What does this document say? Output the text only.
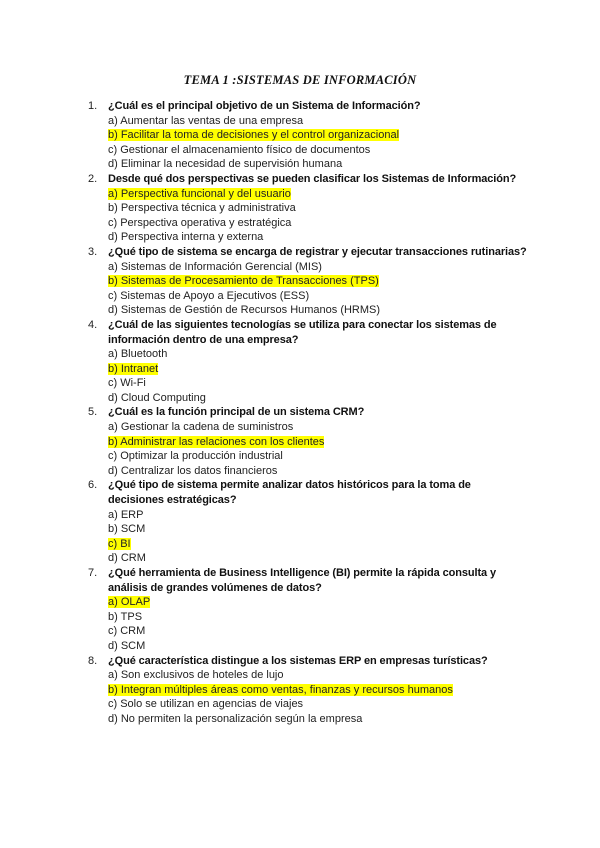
TEMA 1 :SISTEMAS DE INFORMACIÓN
1. ¿Cuál es el principal objetivo de un Sistema de Información?
a) Aumentar las ventas de una empresa
b) Facilitar la toma de decisiones y el control organizacional
c) Gestionar el almacenamiento físico de documentos
d) Eliminar la necesidad de supervisión humana
2. Desde qué dos perspectivas se pueden clasificar los Sistemas de Información?
a) Perspectiva funcional y del usuario
b) Perspectiva técnica y administrativa
c) Perspectiva operativa y estratégica
d) Perspectiva interna y externa
3. ¿Qué tipo de sistema se encarga de registrar y ejecutar transacciones rutinarias?
a) Sistemas de Información Gerencial (MIS)
b) Sistemas de Procesamiento de Transacciones (TPS)
c) Sistemas de Apoyo a Ejecutivos (ESS)
d) Sistemas de Gestión de Recursos Humanos (HRMS)
4. ¿Cuál de las siguientes tecnologías se utiliza para conectar los sistemas de información dentro de una empresa?
a) Bluetooth
b) Intranet
c) Wi-Fi
d) Cloud Computing
5. ¿Cuál es la función principal de un sistema CRM?
a) Gestionar la cadena de suministros
b) Administrar las relaciones con los clientes
c) Optimizar la producción industrial
d) Centralizar los datos financieros
6. ¿Qué tipo de sistema permite analizar datos históricos para la toma de decisiones estratégicas?
a) ERP
b) SCM
c) BI
d) CRM
7. ¿Qué herramienta de Business Intelligence (BI) permite la rápida consulta y análisis de grandes volúmenes de datos?
a) OLAP
b) TPS
c) CRM
d) SCM
8. ¿Qué característica distingue a los sistemas ERP en empresas turísticas?
a) Son exclusivos de hoteles de lujo
b) Integran múltiples áreas como ventas, finanzas y recursos humanos
c) Solo se utilizan en agencias de viajes
d) No permiten la personalización según la empresa
